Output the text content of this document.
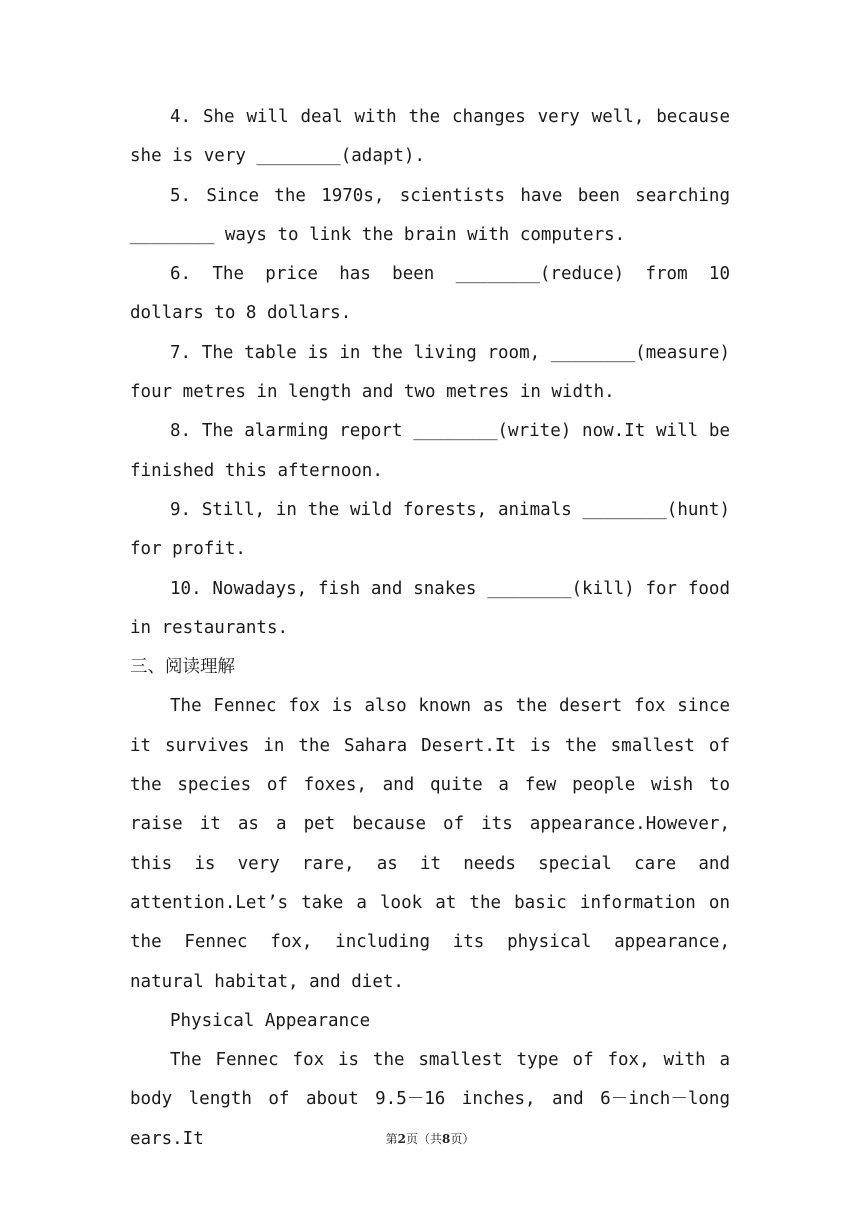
4. She will deal with the changes very well, because she is very ________(adapt).

5. Since the 1970s, scientists have been searching ________ ways to link the brain with computers.

6. The price has been ________(reduce) from 10 dollars to 8 dollars.

7. The table is in the living room, ________(measure) four metres in length and two metres in width.

8. The alarming report ________(write) now.It will be finished this afternoon.

9. Still, in the wild forests, animals ________(hunt) for profit.

10. Nowadays, fish and snakes ________(kill) for food in restaurants.

三、阅读理解

The Fennec fox is also known as the desert fox since it survives in the Sahara Desert.It is the smallest of the species of foxes, and quite a few people wish to raise it as a pet because of its appearance.However, this is very rare, as it needs special care and attention.Let’s take a look at the basic information on the Fennec fox, including its physical appearance, natural habitat, and diet.

Physical Appearance

The Fennec fox is the smallest type of fox, with a body length of about 9.5－16 inches, and 6－inch－long ears.It	第2页（共8页）
